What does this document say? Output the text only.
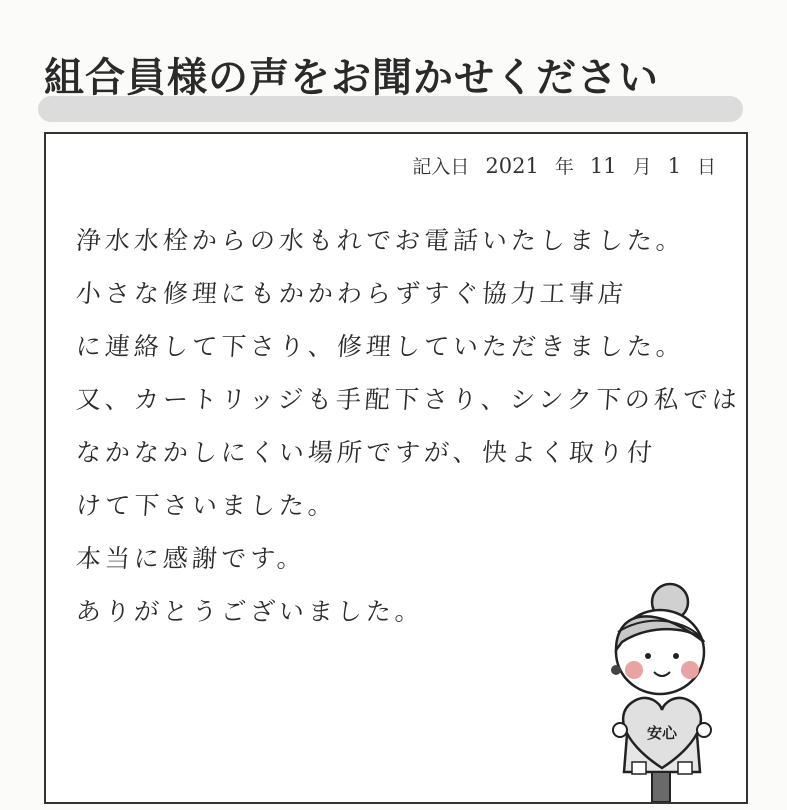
組合員様の声をお聞かせください
記入日 2021 年 11 月 1 日
浄水水栓からの水もれでお電話いたしました。
小さな修理にもかかわらずすぐ協力工事店
に連絡して下さり、修理していただきました。
又、カートリッジも手配下さり、シンク下の私では
なかなかしにくい場所ですが、快よく取り付
けて下さいました。
本当に感謝です。
ありがとうございました。
安心
